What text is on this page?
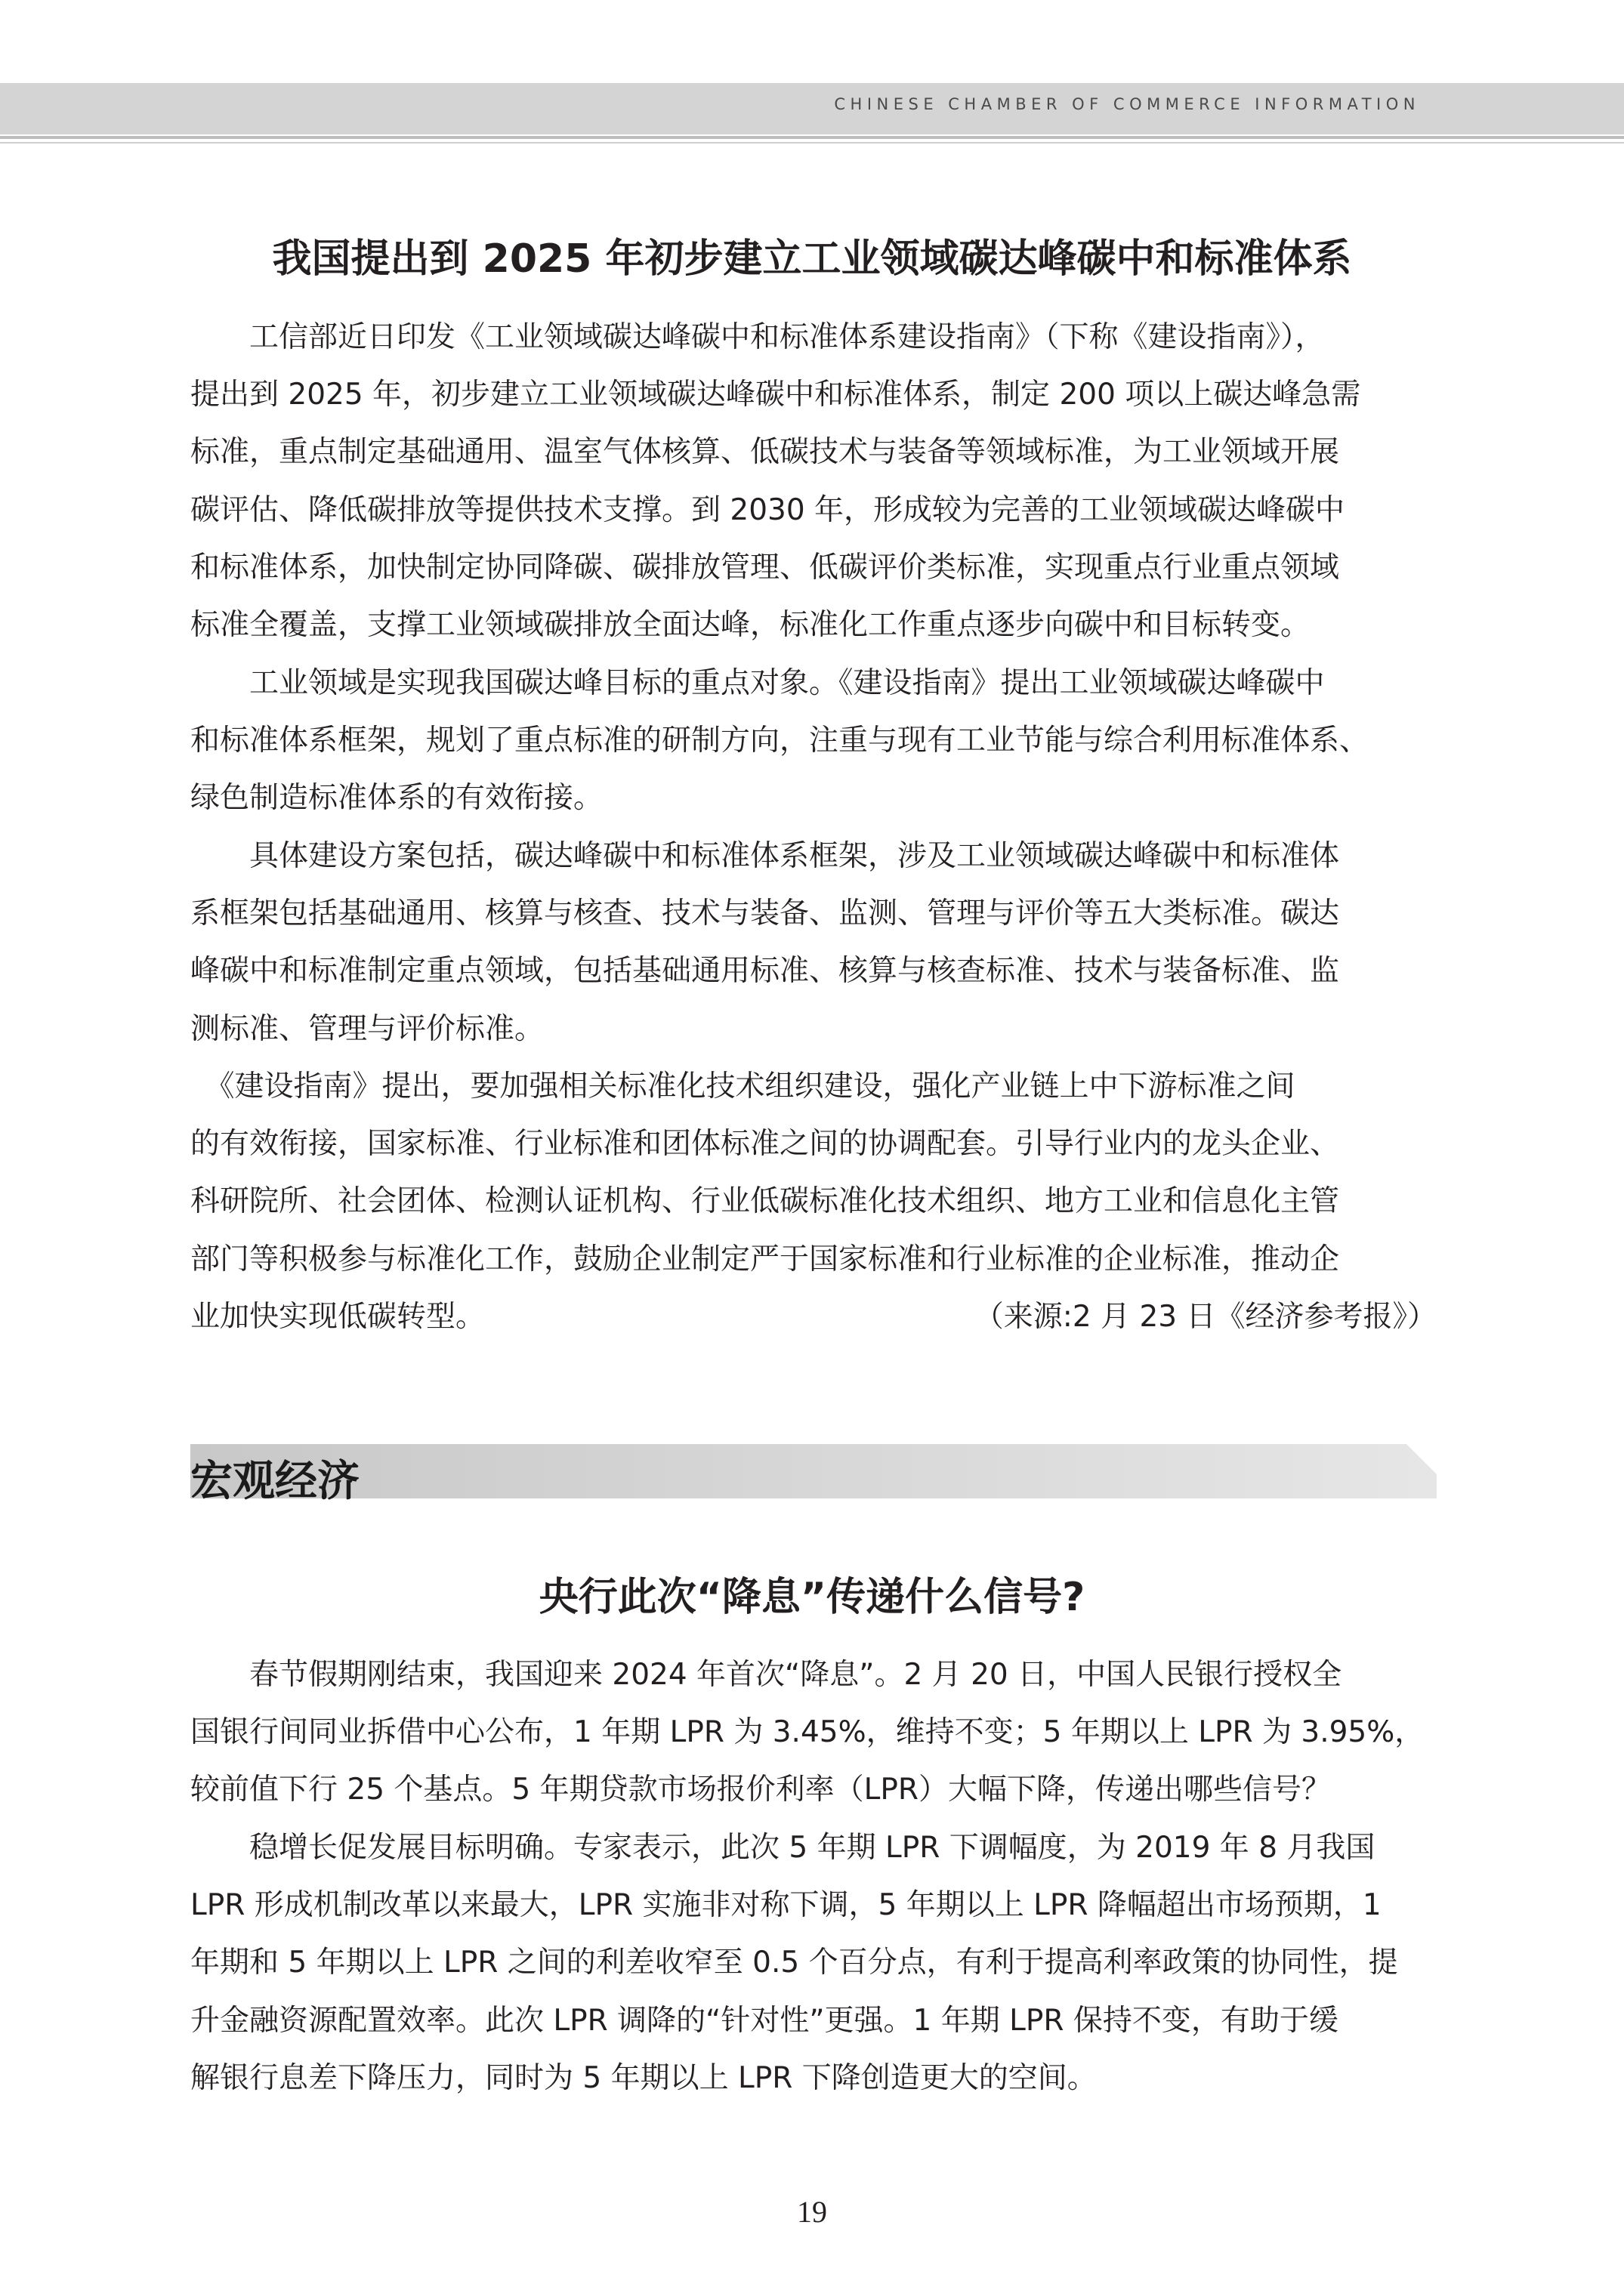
CHINESE CHAMBER OF COMMERCE INFORMATION
我国提出到 2025 年初步建立工业领域碳达峰碳中和标准体系

　　工信部近日印发《工业领域碳达峰碳中和标准体系建设指南》（下称《建设指南》），
提出到 2025 年，初步建立工业领域碳达峰碳中和标准体系，制定 200 项以上碳达峰急需
标准，重点制定基础通用、温室气体核算、低碳技术与装备等领域标准，为工业领域开展
碳评估、降低碳排放等提供技术支撑。到 2030 年，形成较为完善的工业领域碳达峰碳中
和标准体系，加快制定协同降碳、碳排放管理、低碳评价类标准，实现重点行业重点领域
标准全覆盖，支撑工业领域碳排放全面达峰，标准化工作重点逐步向碳中和目标转变。

　　工业领域是实现我国碳达峰目标的重点对象。《建设指南》提出工业领域碳达峰碳中
和标准体系框架，规划了重点标准的研制方向，注重与现有工业节能与综合利用标准体系、
绿色制造标准体系的有效衔接。

　　具体建设方案包括，碳达峰碳中和标准体系框架，涉及工业领域碳达峰碳中和标准体
系框架包括基础通用、核算与核查、技术与装备、监测、管理与评价等五大类标准。碳达
峰碳中和标准制定重点领域，包括基础通用标准、核算与核查标准、技术与装备标准、监
测标准、管理与评价标准。

　《建设指南》提出，要加强相关标准化技术组织建设，强化产业链上中下游标准之间
的有效衔接，国家标准、行业标准和团体标准之间的协调配套。引导行业内的龙头企业、
科研院所、社会团体、检测认证机构、行业低碳标准化技术组织、地方工业和信息化主管
部门等积极参与标准化工作，鼓励企业制定严于国家标准和行业标准的企业标准，推动企
业加快实现低碳转型。	（来源:2 月 23 日《经济参考报》）
宏观经济
央行此次“降息”传递什么信号?

　　春节假期刚结束，我国迎来 2024 年首次“降息”。2 月 20 日，中国人民银行授权全
国银行间同业拆借中心公布，1 年期 LPR 为 3.45%，维持不变；5 年期以上 LPR 为 3.95%，
较前值下行 25 个基点。5 年期贷款市场报价利率（LPR）大幅下降，传递出哪些信号？

　　稳增长促发展目标明确。专家表示，此次 5 年期 LPR 下调幅度，为 2019 年 8 月我国
LPR 形成机制改革以来最大，LPR 实施非对称下调，5 年期以上 LPR 降幅超出市场预期，1
年期和 5 年期以上 LPR 之间的利差收窄至 0.5 个百分点，有利于提高利率政策的协同性，提
升金融资源配置效率。此次 LPR 调降的“针对性”更强。1 年期 LPR 保持不变，有助于缓
解银行息差下降压力，同时为 5 年期以上 LPR 下降创造更大的空间。

19
